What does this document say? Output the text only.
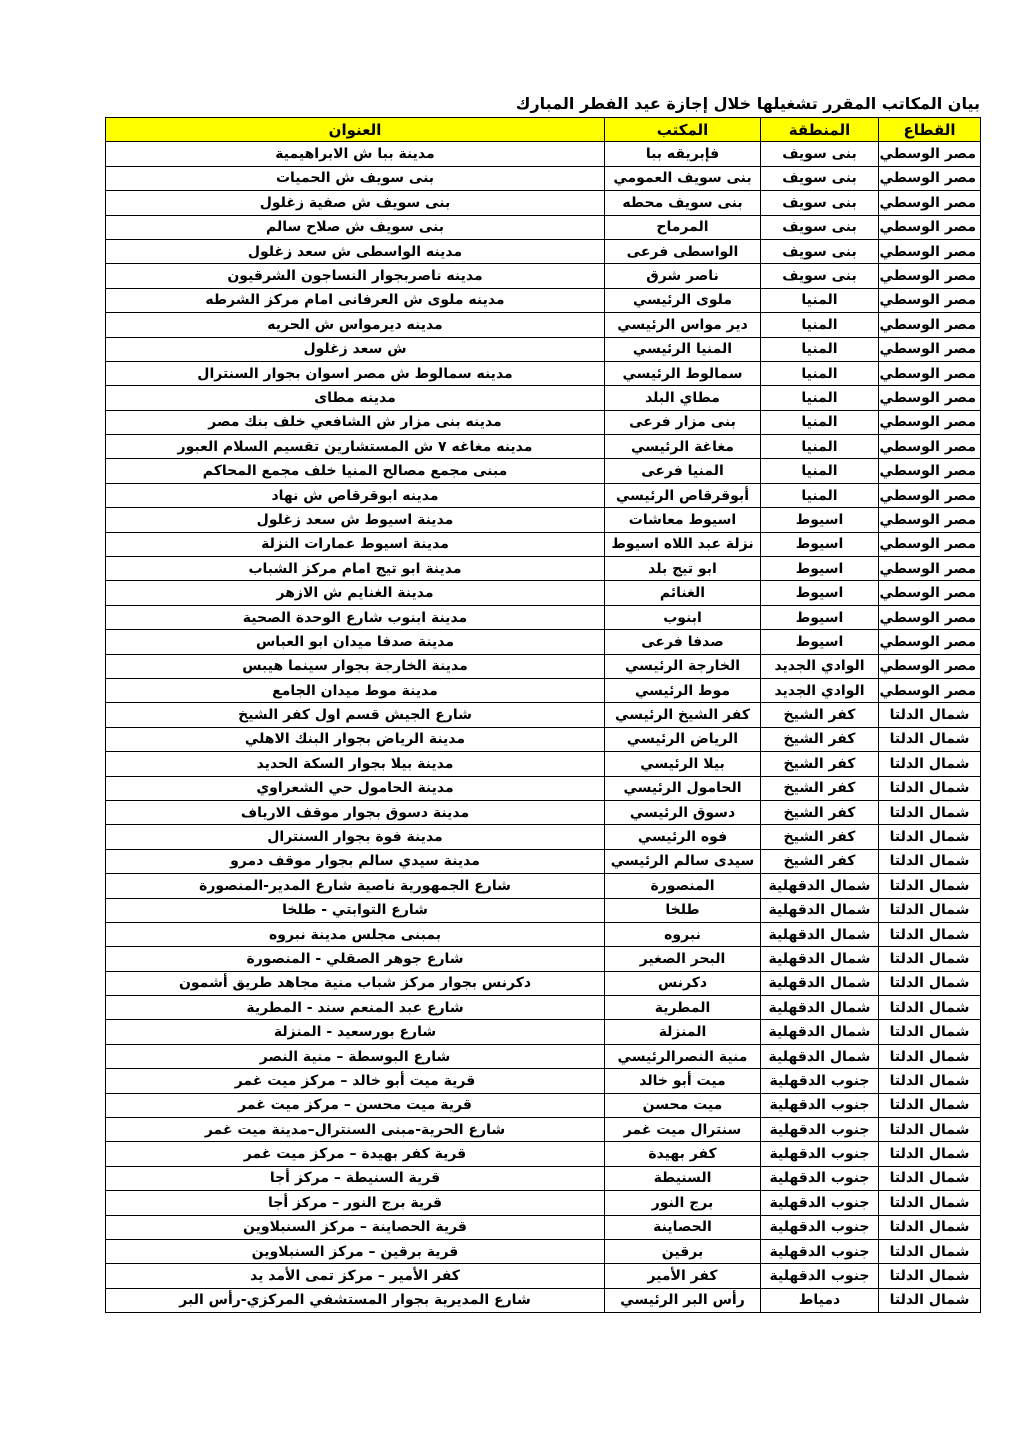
بيان المكاتب المقرر تشغيلها خلال إجازة عيد الفطر المبارك
القطاع	المنطقة	المكتب	العنوان
مصر الوسطي	بنى سويف	فإبريقه ببا	مدينة ببا ش الابراهيمية
مصر الوسطي	بنى سويف	بنى سويف العمومي	بنى سويف ش الحميات
مصر الوسطي	بنى سويف	بنى سويف محطه	بنى سويف ش صفية زغلول
مصر الوسطي	بنى سويف	المرماح	بنى سويف ش صلاح سالم
مصر الوسطي	بنى سويف	الواسطى فرعى	مدينه الواسطى ش سعد زغلول
مصر الوسطي	بنى سويف	ناصر شرق	مدينه ناصربجوار النساجون الشرقيون
مصر الوسطي	المنيا	ملوى الرئيسي	مدينه ملوى ش العرفانى امام مركز الشرطه
مصر الوسطي	المنيا	دير مواس الرئيسي	مدينه ديرمواس ش الحريه
مصر الوسطي	المنيا	المنيا الرئيسي	ش سعد زغلول
مصر الوسطي	المنيا	سمالوط الرئيسي	مدينه سمالوط ش مصر اسوان بجوار السنترال
مصر الوسطي	المنيا	مطاي البلد	مدينه مطاى
مصر الوسطي	المنيا	بنى مزار فرعى	مدينه بنى مزار ش الشافعي خلف بنك مصر
مصر الوسطي	المنيا	مغاغة الرئيسي	مدينه مغاغه ٧ ش المستشارين تقسيم السلام العبور
مصر الوسطي	المنيا	المنيا فرعى	مبنى مجمع مصالح المنيا خلف مجمع المحاكم
مصر الوسطي	المنيا	أبوقرقاص الرئيسي	مدينه ابوقرقاص ش نهاد
مصر الوسطي	اسيوط	اسيوط معاشات	مدينة اسيوط ش سعد زغلول
مصر الوسطي	اسيوط	نزلة عبد اللاه اسيوط	مدينة اسيوط عمارات النزلة
مصر الوسطي	اسيوط	ابو تيج بلد	مدينة ابو تيج امام مركز الشباب
مصر الوسطي	اسيوط	الغنائم	مدينة الغنايم ش الازهر
مصر الوسطي	اسيوط	ابنوب	مدينة ابنوب شارع الوحدة الصحية
مصر الوسطي	اسيوط	صدفا فرعى	مدينة صدفا ميدان ابو العباس
مصر الوسطي	الوادي الجديد	الخارجة الرئيسي	مدينة الخارجة بجوار سينما هيبس
مصر الوسطي	الوادي الجديد	موط الرئيسي	مدينة موط ميدان الجامع
شمال الدلتا	كفر الشيخ	كفر الشيخ الرئيسي	شارع الجيش قسم اول كفر الشيخ
شمال الدلتا	كفر الشيخ	الرياض الرئيسي	مدينة الرياض بجوار البنك الاهلي
شمال الدلتا	كفر الشيخ	بيلا الرئيسي	مدينة بيلا بجوار السكة الحديد
شمال الدلتا	كفر الشيخ	الحامول الرئيسي	مدينة الحامول حي الشعراوي
شمال الدلتا	كفر الشيخ	دسوق الرئيسي	مدينة دسوق بجوار موقف الارياف
شمال الدلتا	كفر الشيخ	فوه الرئيسي	مدينة فوة بجوار السنترال
شمال الدلتا	كفر الشيخ	سيدى سالم الرئيسي	مدينة سيدي سالم بجوار موقف دمرو
شمال الدلتا	شمال الدقهلية	المنصورة	شارع الجمهورية ناصية شارع المدير-المنصورة
شمال الدلتا	شمال الدقهلية	طلخا	شارع التوابتي - طلخا
شمال الدلتا	شمال الدقهلية	نبروه	بمبنى مجلس مدينة نبروه
شمال الدلتا	شمال الدقهلية	البحر الصغير	شارع جوهر الصقلي - المنصورة
شمال الدلتا	شمال الدقهلية	دكرنس	دكرنس بجوار مركز شباب منية مجاهد طريق أشمون
شمال الدلتا	شمال الدقهلية	المطرية	شارع عبد المنعم سند - المطرية
شمال الدلتا	شمال الدقهلية	المنزلة	شارع بورسعيد - المنزلة
شمال الدلتا	شمال الدقهلية	منية النصرالرئيسي	شارع البوسطة – منية النصر
شمال الدلتا	جنوب الدقهلية	ميت أبو خالد	قرية ميت أبو خالد – مركز ميت غمر
شمال الدلتا	جنوب الدقهلية	ميت محسن	قرية ميت محسن – مركز ميت غمر
شمال الدلتا	جنوب الدقهلية	سنترال ميت غمر	شارع الحرية-مبنى السنترال–مدينة ميت غمر
شمال الدلتا	جنوب الدقهلية	كفر بهيدة	قرية كفر بهيدة – مركز ميت غمر
شمال الدلتا	جنوب الدقهلية	السنيطة	قرية السنيطة – مركز أجا
شمال الدلتا	جنوب الدقهلية	برج النور	قرية برج النور – مركز أجا
شمال الدلتا	جنوب الدقهلية	الحصاينة	قرية الحصاينة – مركز السنبلاوين
شمال الدلتا	جنوب الدقهلية	برقين	قرية برقين – مركز السنبلاوين
شمال الدلتا	جنوب الدقهلية	كفر الأمير	كفر الأمير – مركز تمى الأمد يد
شمال الدلتا	دمياط	رأس البر الرئيسي	شارع المديرية بجوار المستشفي المركزي-رأس البر
